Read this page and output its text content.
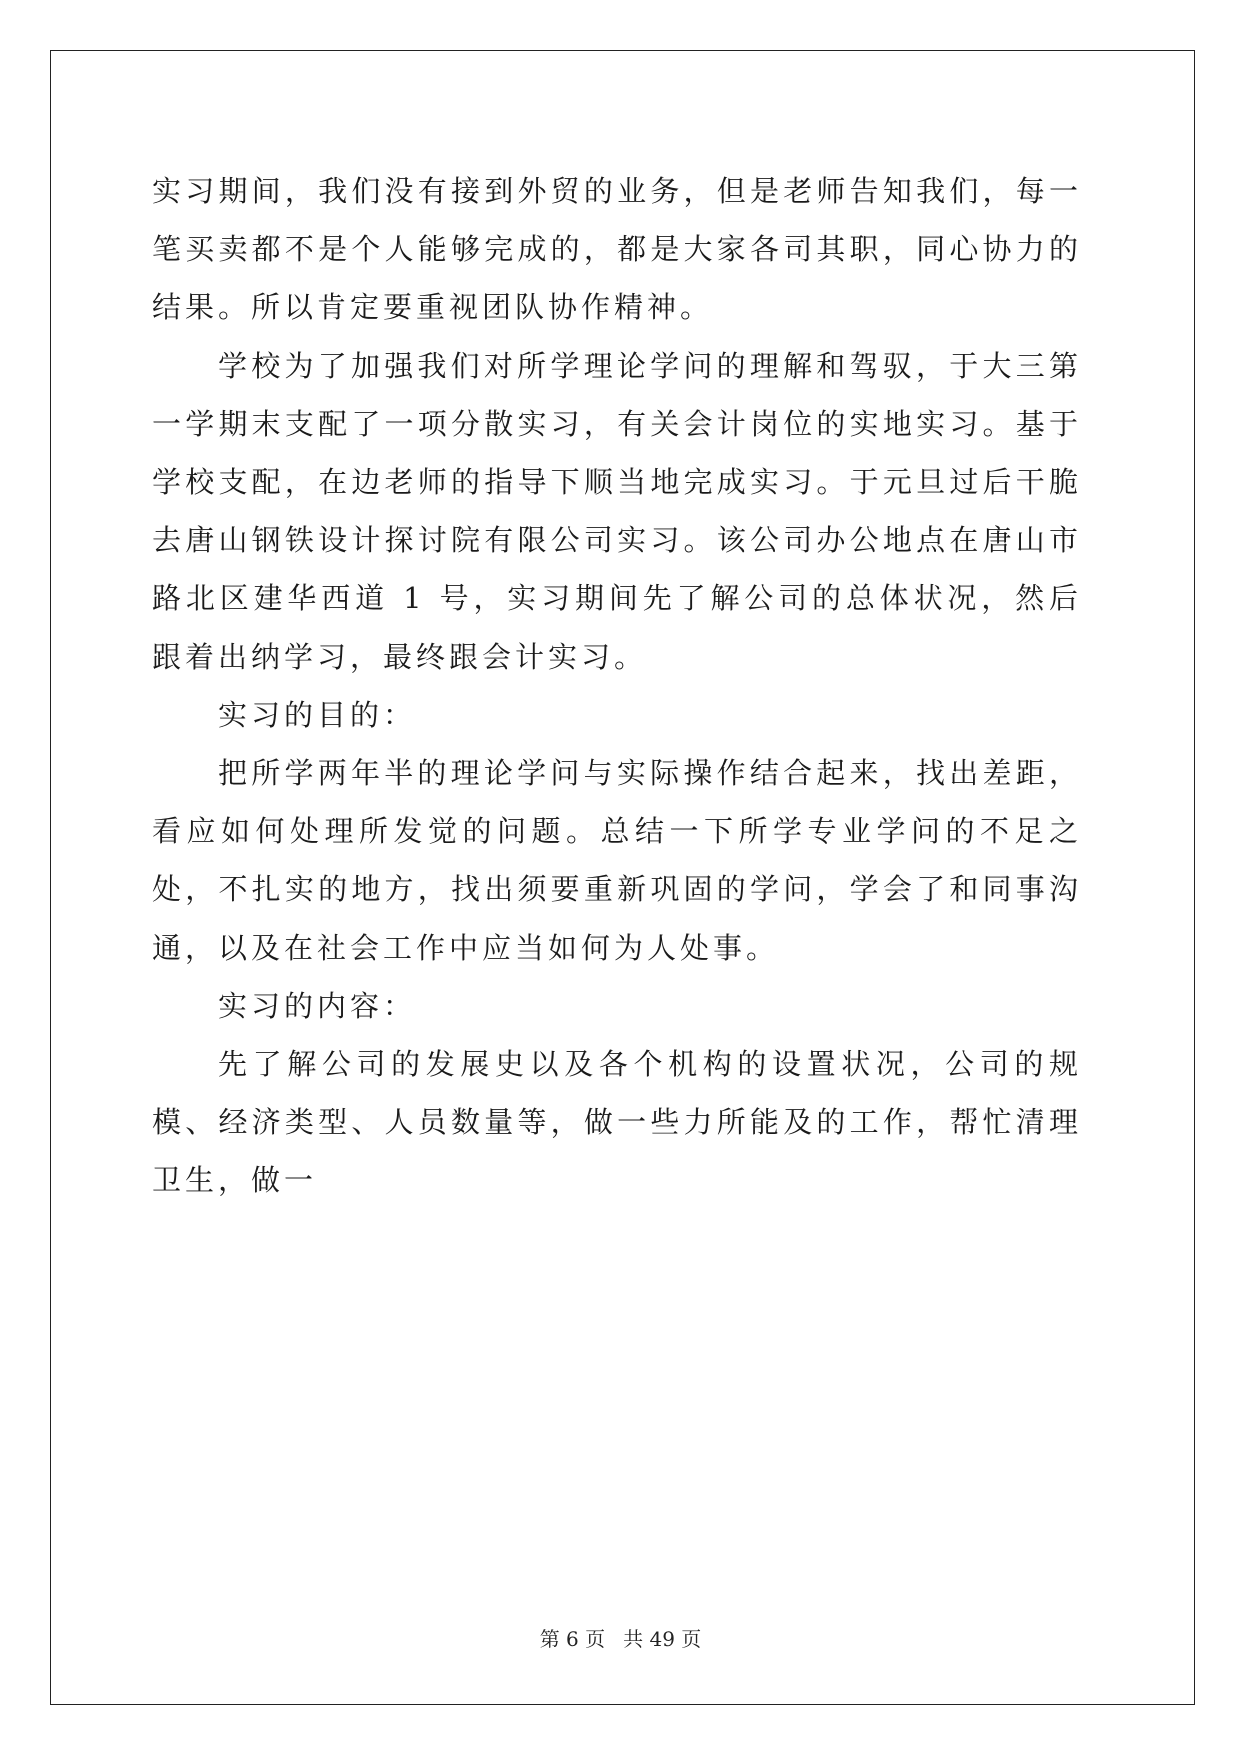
实习期间，我们没有接到外贸的业务，但是老师告知我们，每一笔买卖都不是个人能够完成的，都是大家各司其职，同心协力的结果。所以肯定要重视团队协作精神。

学校为了加强我们对所学理论学问的理解和驾驭，于大三第一学期末支配了一项分散实习，有关会计岗位的实地实习。基于学校支配，在边老师的指导下顺当地完成实习。于元旦过后干脆去唐山钢铁设计探讨院有限公司实习。该公司办公地点在唐山市路北区建华西道 1 号，实习期间先了解公司的总体状况，然后跟着出纳学习，最终跟会计实习。

实习的目的：

把所学两年半的理论学问与实际操作结合起来，找出差距，看应如何处理所发觉的问题。总结一下所学专业学问的不足之处，不扎实的地方，找出须要重新巩固的学问，学会了和同事沟通，以及在社会工作中应当如何为人处事。

实习的内容：

先了解公司的发展史以及各个机构的设置状况，公司的规模、经济类型、人员数量等，做一些力所能及的工作，帮忙清理卫生，做一

第 6 页 共 49 页
